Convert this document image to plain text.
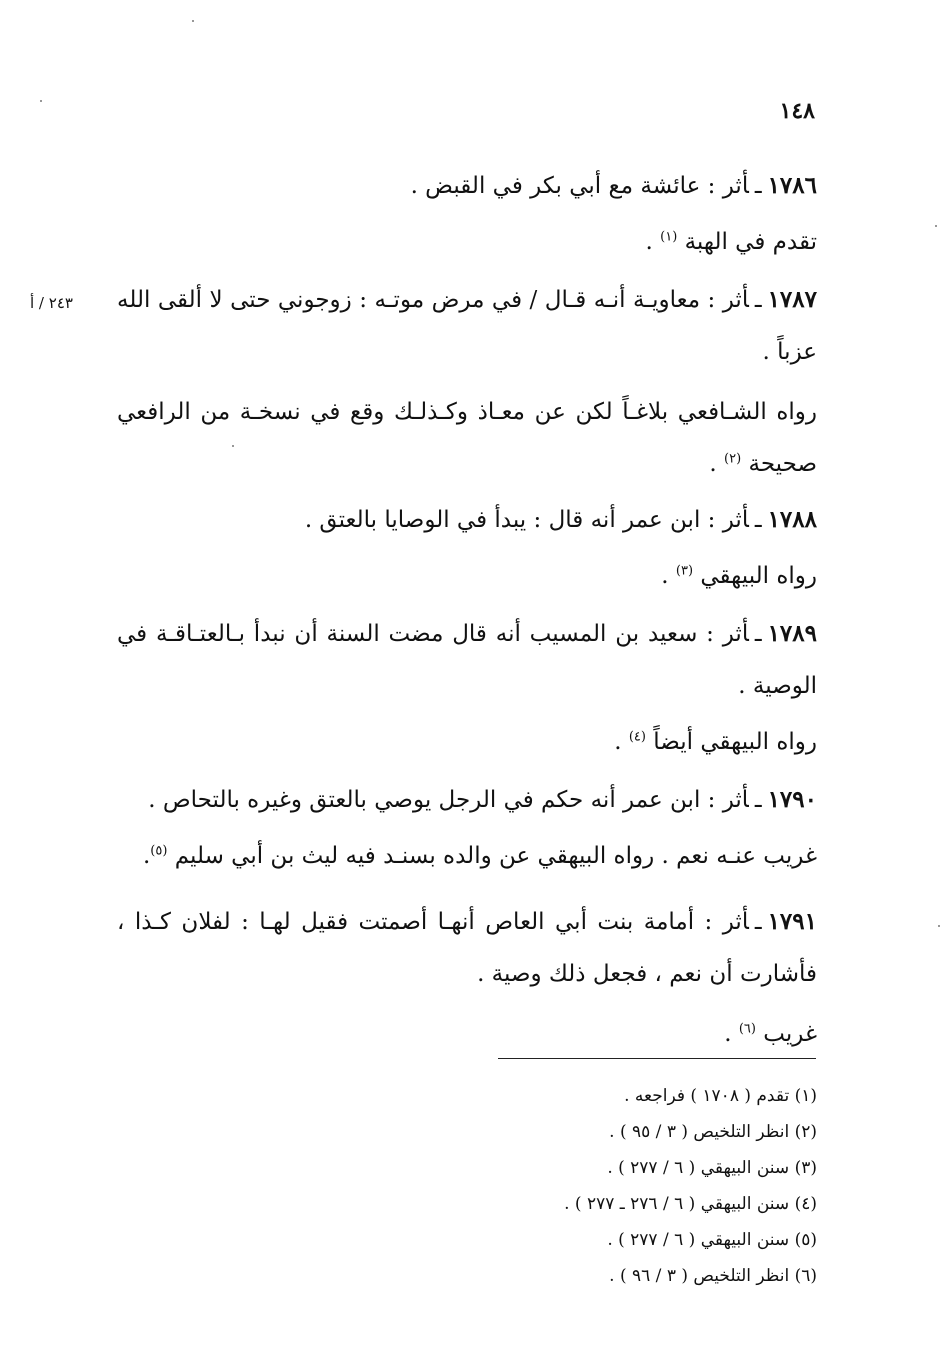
١٤٨
٢٤٣ / أ

١٧٨٦ـأثر : عائشة مع أبي بكر في القبض .

تقدم في الهبة $^{(١)}$ .

١٧٨٧ـأثر : معاويـة أنـه قـال / في مرض موتـه : زوجوني حتى لا ألقى الله عزباً .

رواه الشـافعي بلاغـاً لكن عن معـاذ وكـذلـك وقع في نسخـة من الرافعي صحيحة $^{(٢)}$ .

١٧٨٨ـأثر : ابن عمر أنه قال : يبدأ في الوصايا بالعتق .

رواه البيهقي $^{(٣)}$ .

١٧٨٩ـأثر : سعيد بن المسيب أنه قال مضت السنة أن نبدأ بـالعتـاقـة في الوصية .

رواه البيهقي أيضاً $^{(٤)}$ .

١٧٩٠ـأثر : ابن عمر أنه حكم في الرجل يوصي بالعتق وغيره بالتحاص .

غريب عنـه نعم . رواه البيهقي عن والده بسنـد فيه ليث بن أبي سليم $^{(٥)}$.

١٧٩١ـأثر : أمامة بنت أبي العاص أنهـا أصمتت فقيل لهـا : لفلان كـذا ، فأشارت أن نعم ، فجعل ذلك وصية .

غريب $^{(٦)}$ .

(١) تقدم ( ١٧٠٨ ) فراجعه .
(٢) انظر التلخيص ( ٣ / ٩٥ ) .
(٣) سنن البيهقي ( ٦ / ٢٧٧ ) .
(٤) سنن البيهقي ( ٦ / ٢٧٦ ـ ٢٧٧ ) .
(٥) سنن البيهقي ( ٦ / ٢٧٧ ) .
(٦) انظر التلخيص ( ٣ / ٩٦ ) .
